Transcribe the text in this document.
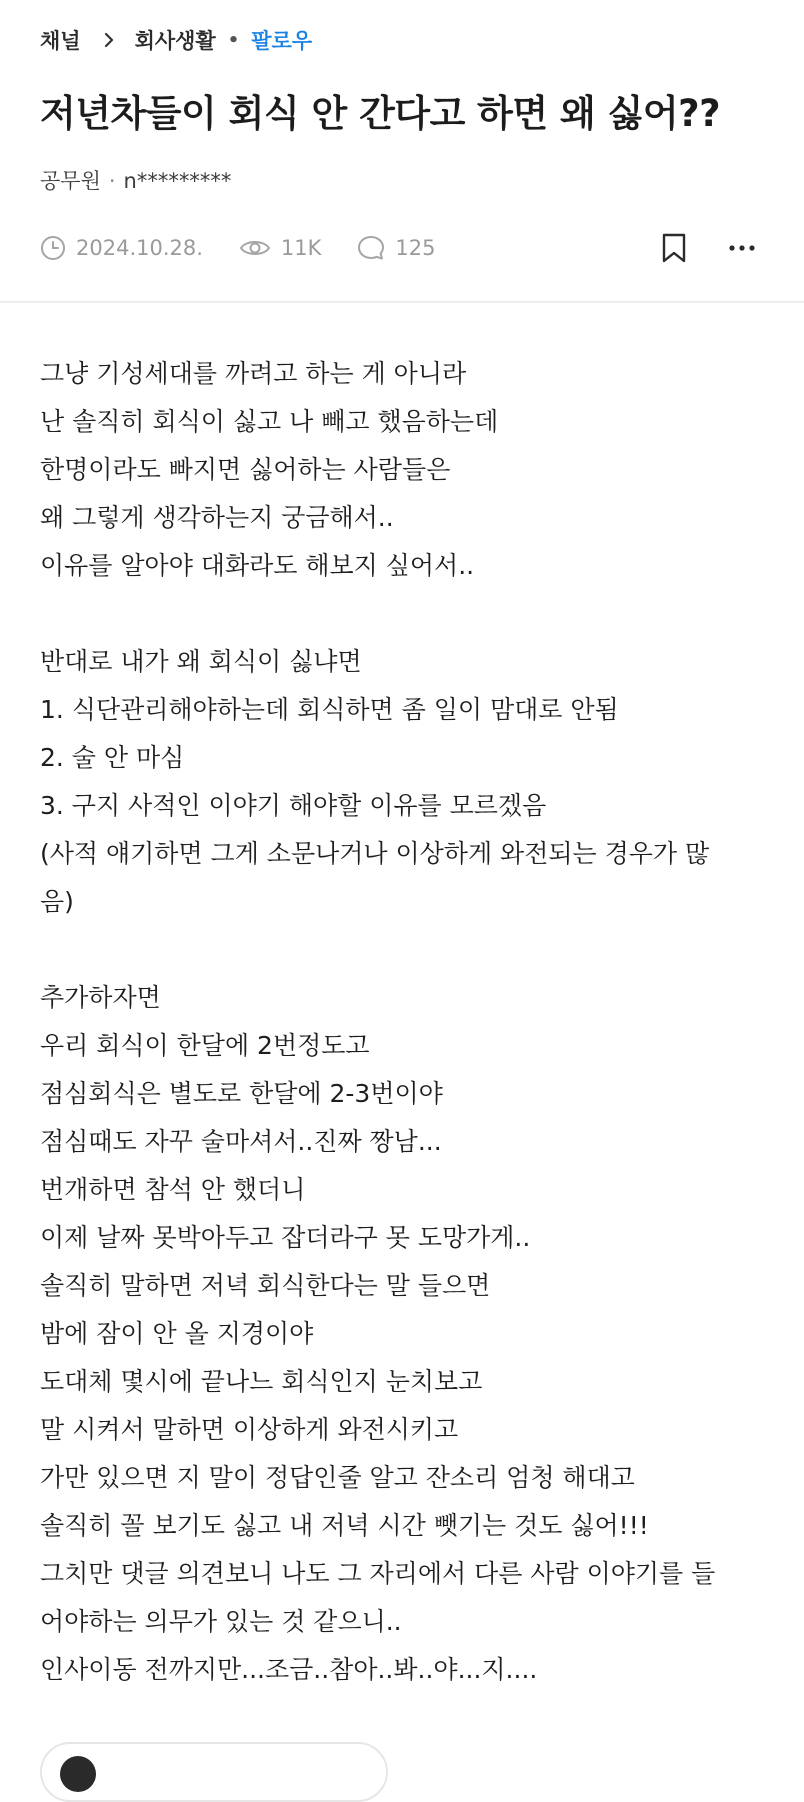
채널	회사생활 • 팔로우
저년차들이 회식 안 간다고 하면 왜 싫어??
공무원 · n*********
2024.10.28.	11K	125
그냥 기성세대를 까려고 하는 게 아니라
난 솔직히 회식이 싫고 나 빼고 했음하는데
한명이라도 빠지면 싫어하는 사람들은
왜 그렇게 생각하는지 궁금해서..
이유를 알아야 대화라도 해보지 싶어서..
반대로 내가 왜 회식이 싫냐면
1. 식단관리해야하는데 회식하면 좀 일이 맘대로 안됨
2. 술 안 마심
3. 구지 사적인 이야기 해야할 이유를 모르겠음
(사적 얘기하면 그게 소문나거나 이상하게 와전되는 경우가 많
음)
추가하자면
우리 회식이 한달에 2번정도고
점심회식은 별도로 한달에 2-3번이야
점심때도 자꾸 술마셔서..진짜 짱남...
번개하면 참석 안 했더니
이제 날짜 못박아두고 잡더라구 못 도망가게..
솔직히 말하면 저녁 회식한다는 말 들으면
밤에 잠이 안 올 지경이야
도대체 몇시에 끝나느 회식인지 눈치보고
말 시켜서 말하면 이상하게 와전시키고
가만 있으면 지 말이 정답인줄 알고 잔소리 엄청 해대고
솔직히 꼴 보기도 싫고 내 저녁 시간 뺏기는 것도 싫어!!!
그치만 댓글 의견보니 나도 그 자리에서 다른 사람 이야기를 들
어야하는 의무가 있는 것 같으니..
인사이동 전까지만...조금..참아..봐..야...지....
